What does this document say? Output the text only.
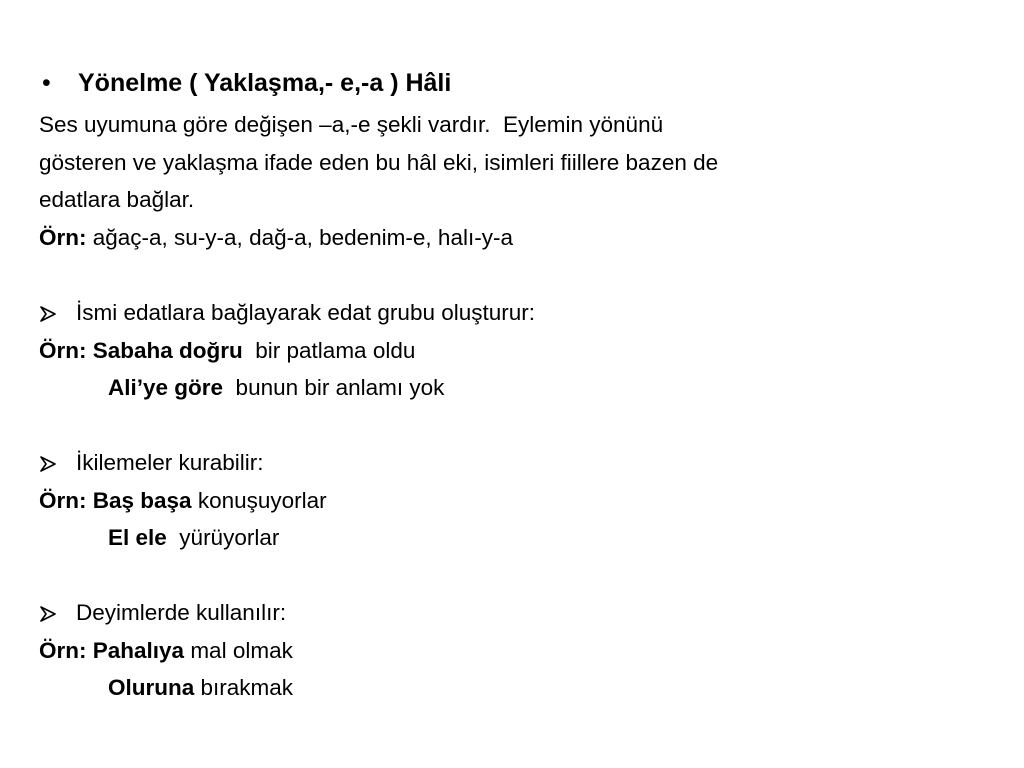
• Yönelme ( Yaklaşma,- e,-a ) Hâli
Ses uyumuna göre değişen –a,-e şekli vardır.  Eylemin yönünü
gösteren ve yaklaşma ifade eden bu hâl eki, isimleri fiillere bazen de
edatlara bağlar.
Örn: ağaç-a, su-y-a, dağ-a, bedenim-e, halı-y-a
İsmi edatlara bağlayarak edat grubu oluşturur:
Örn: Sabaha doğru  bir patlama oldu
Ali’ye göre  bunun bir anlamı yok
İkilemeler kurabilir:
Örn: Baş başa konuşuyorlar
El ele  yürüyorlar
Deyimlerde kullanılır:
Örn: Pahalıya mal olmak
Oluruna bırakmak
